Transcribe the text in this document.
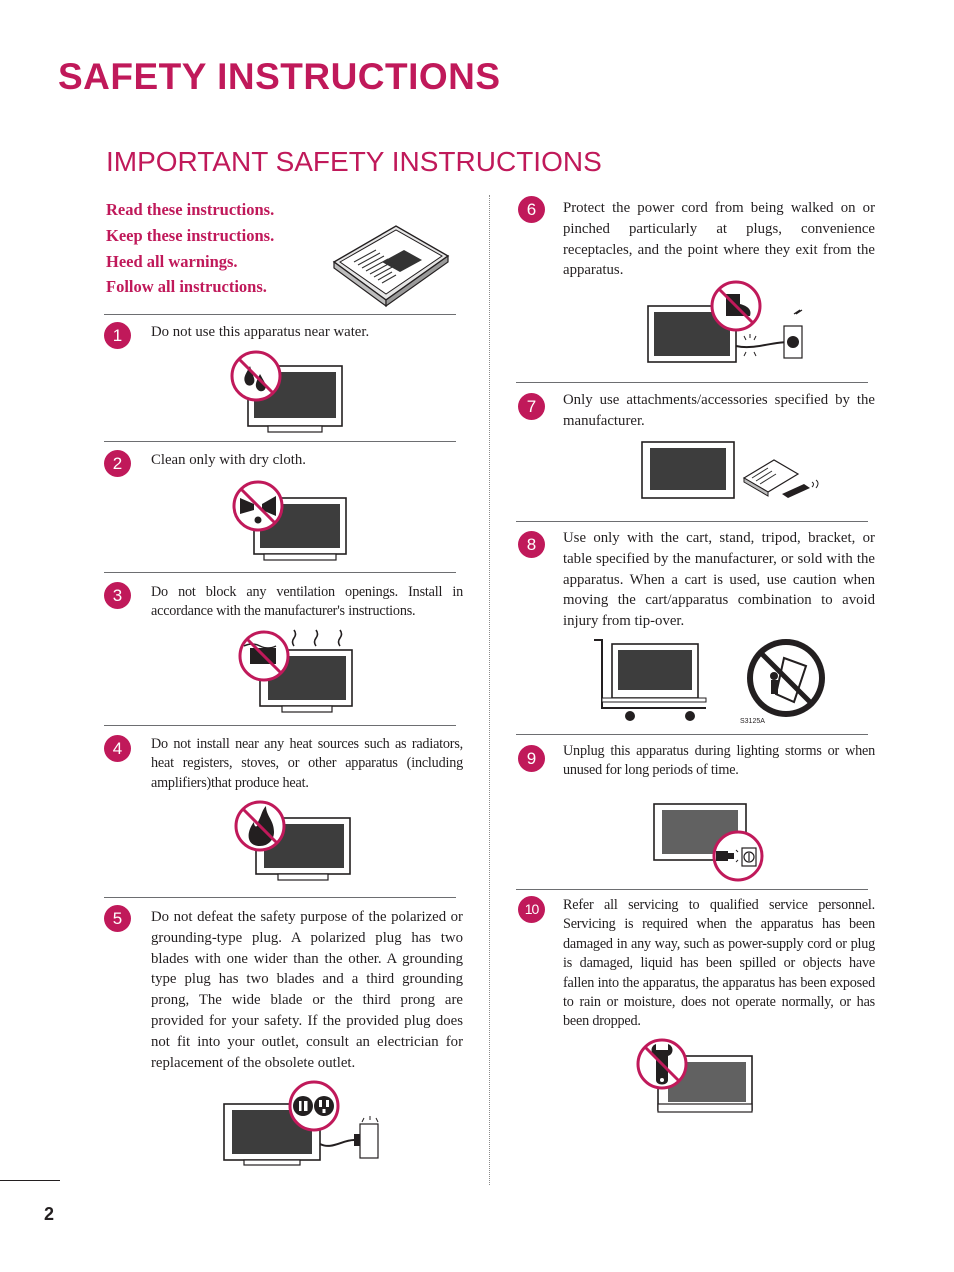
SAFETY INSTRUCTIONS
IMPORTANT SAFETY INSTRUCTIONS
Read these instructions.
Keep these instructions.
Heed all warnings.
Follow all instructions.
1	Do not use this apparatus near water.
2	Clean only with dry cloth.
3	Do not block any ventilation openings. Install in accordance with the manufacturer's instructions.
4	Do not install near any heat sources such as radiators, heat registers, stoves, or other apparatus (including amplifiers)that produce heat.
5	Do not defeat the safety purpose of the polarized or grounding-type plug. A polarized plug has two blades with one wider than the other. A grounding type plug has two blades and a third grounding prong, The wide blade or the third prong are provided for your safety. If the provided plug does not fit into your outlet, consult an electrician for replacement of the obsolete outlet.
6	Protect the power cord from being walked on or pinched particularly at plugs, convenience receptacles, and the point where they exit from the apparatus.
7	Only use attachments/accessories specified by the manufacturer.
8	Use only with the cart, stand, tripod, bracket, or table specified by the manufacturer, or sold with the apparatus. When a cart is used, use caution when moving the cart/apparatus combination to avoid injury from tip-over.
S3125A
9	Unplug this apparatus during lighting storms or when unused for long periods of time.
10	Refer all servicing to qualified service personnel. Servicing is required when the apparatus has been damaged in any way, such as power-supply cord or plug is damaged, liquid has been spilled or objects have fallen into the apparatus, the apparatus has been exposed to rain or moisture, does not operate normally, or has been dropped.
2
